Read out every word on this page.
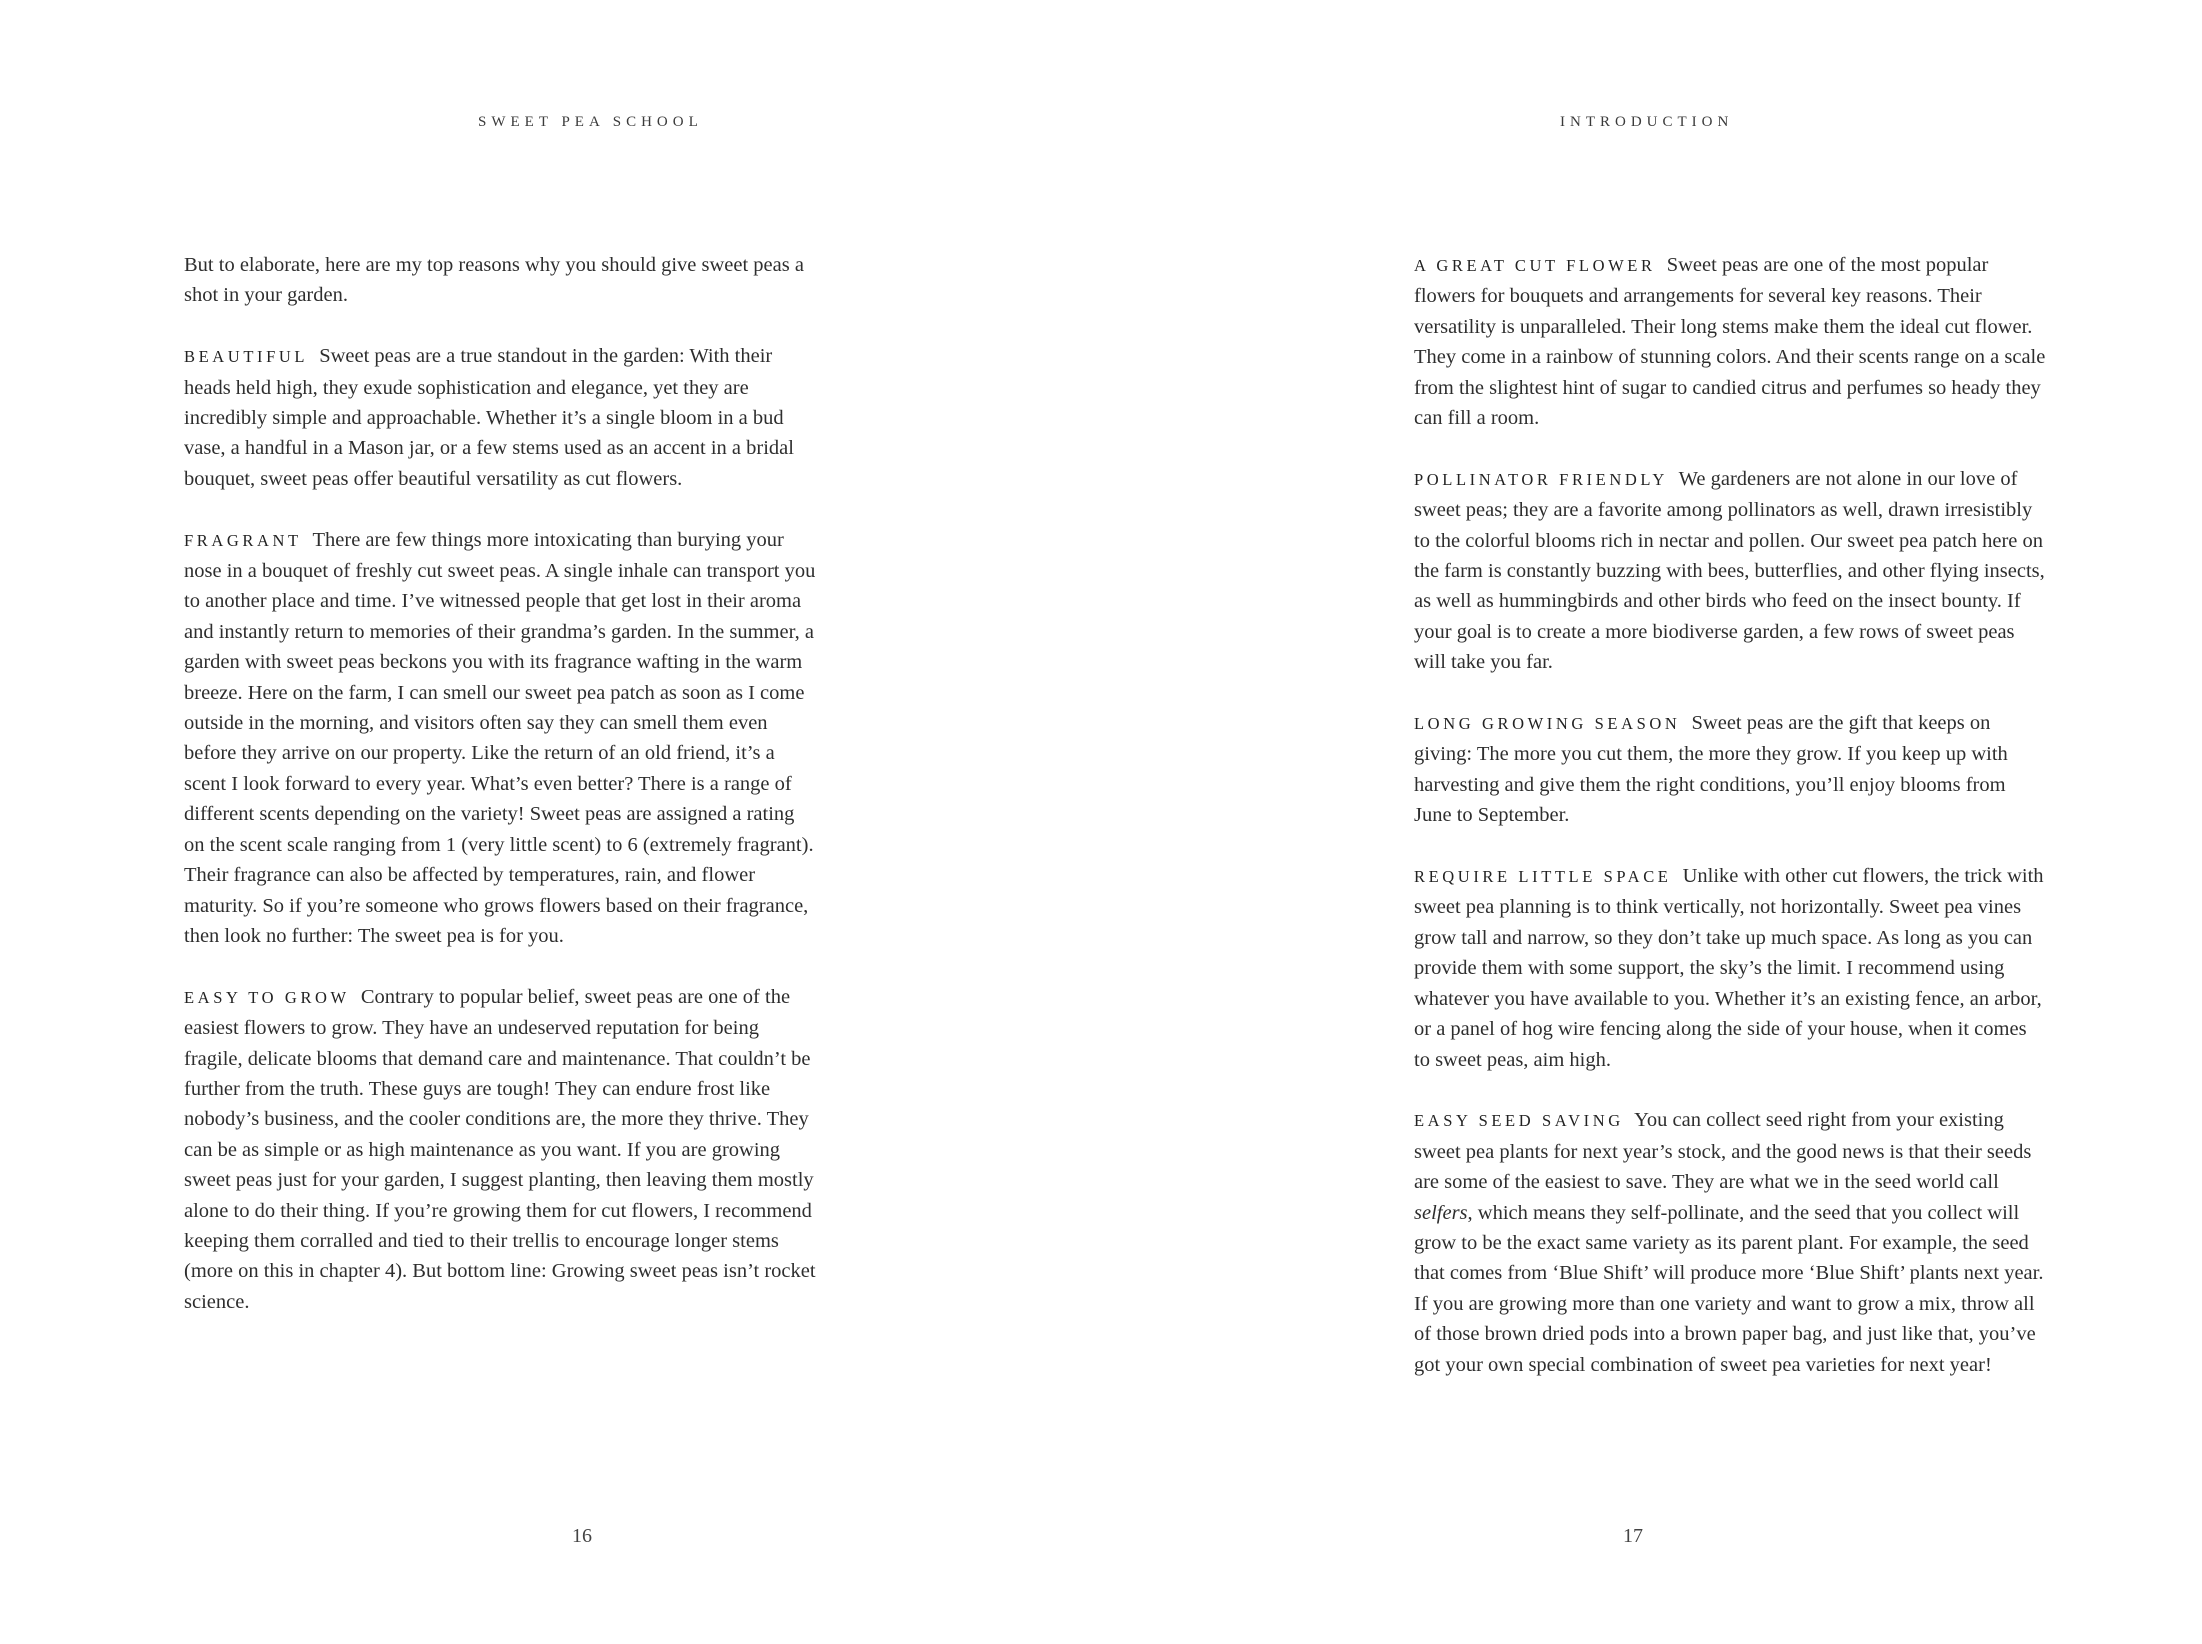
SWEET PEA SCHOOL

But to elaborate, here are my top reasons why you should give sweet peas a shot in your garden.

BEAUTIFUL Sweet peas are a true standout in the garden: With their heads held high, they exude sophistication and elegance, yet they are incredibly simple and approachable. Whether it’s a single bloom in a bud vase, a handful in a Mason jar, or a few stems used as an accent in a bridal bouquet, sweet peas offer beautiful versatility as cut flowers.

FRAGRANT There are few things more intoxicating than burying your nose in a bouquet of freshly cut sweet peas. A single inhale can transport you to another place and time. I’ve witnessed people that get lost in their aroma and instantly return to memories of their grandma’s garden. In the summer, a garden with sweet peas beckons you with its fragrance wafting in the warm breeze. Here on the farm, I can smell our sweet pea patch as soon as I come outside in the morning, and visitors often say they can smell them even before they arrive on our property. Like the return of an old friend, it’s a scent I look forward to every year. What’s even better? There is a range of different scents depending on the variety! Sweet peas are assigned a rating on the scent scale ranging from 1 (very little scent) to 6 (extremely fragrant). Their fragrance can also be affected by temperatures, rain, and flower maturity. So if you’re someone who grows flowers based on their fragrance, then look no further: The sweet pea is for you.

EASY TO GROW Contrary to popular belief, sweet peas are one of the easiest flowers to grow. They have an undeserved reputation for being fragile, delicate blooms that demand care and maintenance. That couldn’t be further from the truth. These guys are tough! They can endure frost like nobody’s business, and the cooler conditions are, the more they thrive. They can be as simple or as high maintenance as you want. If you are growing sweet peas just for your garden, I suggest planting, then leaving them mostly alone to do their thing. If you’re growing them for cut flowers, I recommend keeping them corralled and tied to their trellis to encourage longer stems (more on this in chapter 4). But bottom line: Growing sweet peas isn’t rocket science.

16
INTRODUCTION

A GREAT CUT FLOWER Sweet peas are one of the most popular flowers for bouquets and arrangements for several key reasons. Their versatility is unparalleled. Their long stems make them the ideal cut flower. They come in a rainbow of stunning colors. And their scents range on a scale from the slightest hint of sugar to candied citrus and perfumes so heady they can fill a room.

POLLINATOR FRIENDLY We gardeners are not alone in our love of sweet peas; they are a favorite among pollinators as well, drawn irresistibly to the colorful blooms rich in nectar and pollen. Our sweet pea patch here on the farm is constantly buzzing with bees, butterflies, and other flying insects, as well as hummingbirds and other birds who feed on the insect bounty. If your goal is to create a more biodiverse garden, a few rows of sweet peas will take you far.

LONG GROWING SEASON Sweet peas are the gift that keeps on giving: The more you cut them, the more they grow. If you keep up with harvesting and give them the right conditions, you’ll enjoy blooms from June to September.

REQUIRE LITTLE SPACE Unlike with other cut flowers, the trick with sweet pea planning is to think vertically, not horizontally. Sweet pea vines grow tall and narrow, so they don’t take up much space. As long as you can provide them with some support, the sky’s the limit. I recommend using whatever you have available to you. Whether it’s an existing fence, an arbor, or a panel of hog wire fencing along the side of your house, when it comes to sweet peas, aim high.

EASY SEED SAVING You can collect seed right from your existing sweet pea plants for next year’s stock, and the good news is that their seeds are some of the easiest to save. They are what we in the seed world call selfers, which means they self-pollinate, and the seed that you collect will grow to be the exact same variety as its parent plant. For example, the seed that comes from ‘Blue Shift’ will produce more ‘Blue Shift’ plants next year. If you are growing more than one variety and want to grow a mix, throw all of those brown dried pods into a brown paper bag, and just like that, you’ve got your own special combination of sweet pea varieties for next year!

17
